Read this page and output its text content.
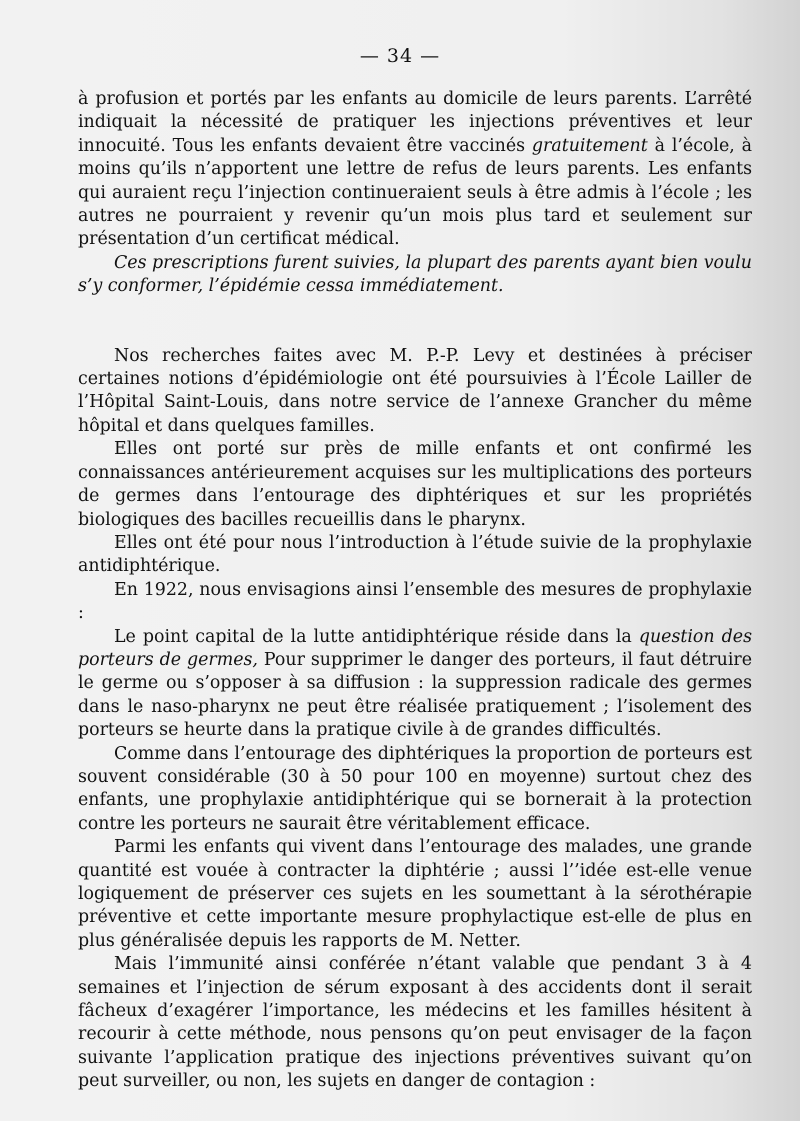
— 34 —

à profusion et portés par les enfants au domicile de leurs parents. L’arrêté indiquait la nécessité de pratiquer les injections préventives et leur innocuité. Tous les enfants devaient être vaccinés gratuitement à l’école, à moins qu’ils n’apportent une lettre de refus de leurs parents. Les enfants qui auraient reçu l’injection continueraient seuls à être admis à l’école ; les autres ne pourraient y revenir qu’un mois plus tard et seulement sur présentation d’un certificat médical.

Ces prescriptions furent suivies, la plupart des parents ayant bien voulu s’y conformer, l’épidémie cessa immédiatement.

Nos recherches faites avec M. P.-P. Levy et destinées à préciser certaines notions d’épidémiologie ont été poursuivies à l’École Lailler de l’Hôpital Saint-Louis, dans notre service de l’annexe Grancher du même hôpital et dans quelques familles.

Elles ont porté sur près de mille enfants et ont confirmé les connaissances antérieurement acquises sur les multiplications des porteurs de germes dans l’entourage des diphtériques et sur les propriétés biologiques des bacilles recueillis dans le pharynx.

Elles ont été pour nous l’introduction à l’étude suivie de la prophylaxie antidiphtérique.

En 1922, nous envisagions ainsi l’ensemble des mesures de prophylaxie :

Le point capital de la lutte antidiphtérique réside dans la question des porteurs de germes, Pour supprimer le danger des porteurs, il faut détruire le germe ou s’opposer à sa diffusion : la suppression radicale des germes dans le naso-pharynx ne peut être réalisée pratiquement ; l’isolement des porteurs se heurte dans la pratique civile à de grandes difficultés.

Comme dans l’entourage des diphtériques la proportion de porteurs est souvent considérable (30 à 50 pour 100 en moyenne) surtout chez des enfants, une prophylaxie antidiphtérique qui se bornerait à la protection contre les porteurs ne saurait être véritablement efficace.

Parmi les enfants qui vivent dans l’entourage des malades, une grande quantité est vouée à contracter la diphtérie ; aussi l’’idée est-elle venue logiquement de préserver ces sujets en les soumettant à la sérothérapie préventive et cette importante mesure prophylactique est-elle de plus en plus généralisée depuis les rapports de M. Netter.

Mais l’immunité ainsi conférée n’étant valable que pendant 3 à 4 semaines et l’injection de sérum exposant à des accidents dont il serait fâcheux d’exagérer l’importance, les médecins et les familles hésitent à recourir à cette méthode, nous pensons qu’on peut envisager de la façon suivante l’application pratique des injections préventives suivant qu’on peut surveiller, ou non, les sujets en danger de contagion :
